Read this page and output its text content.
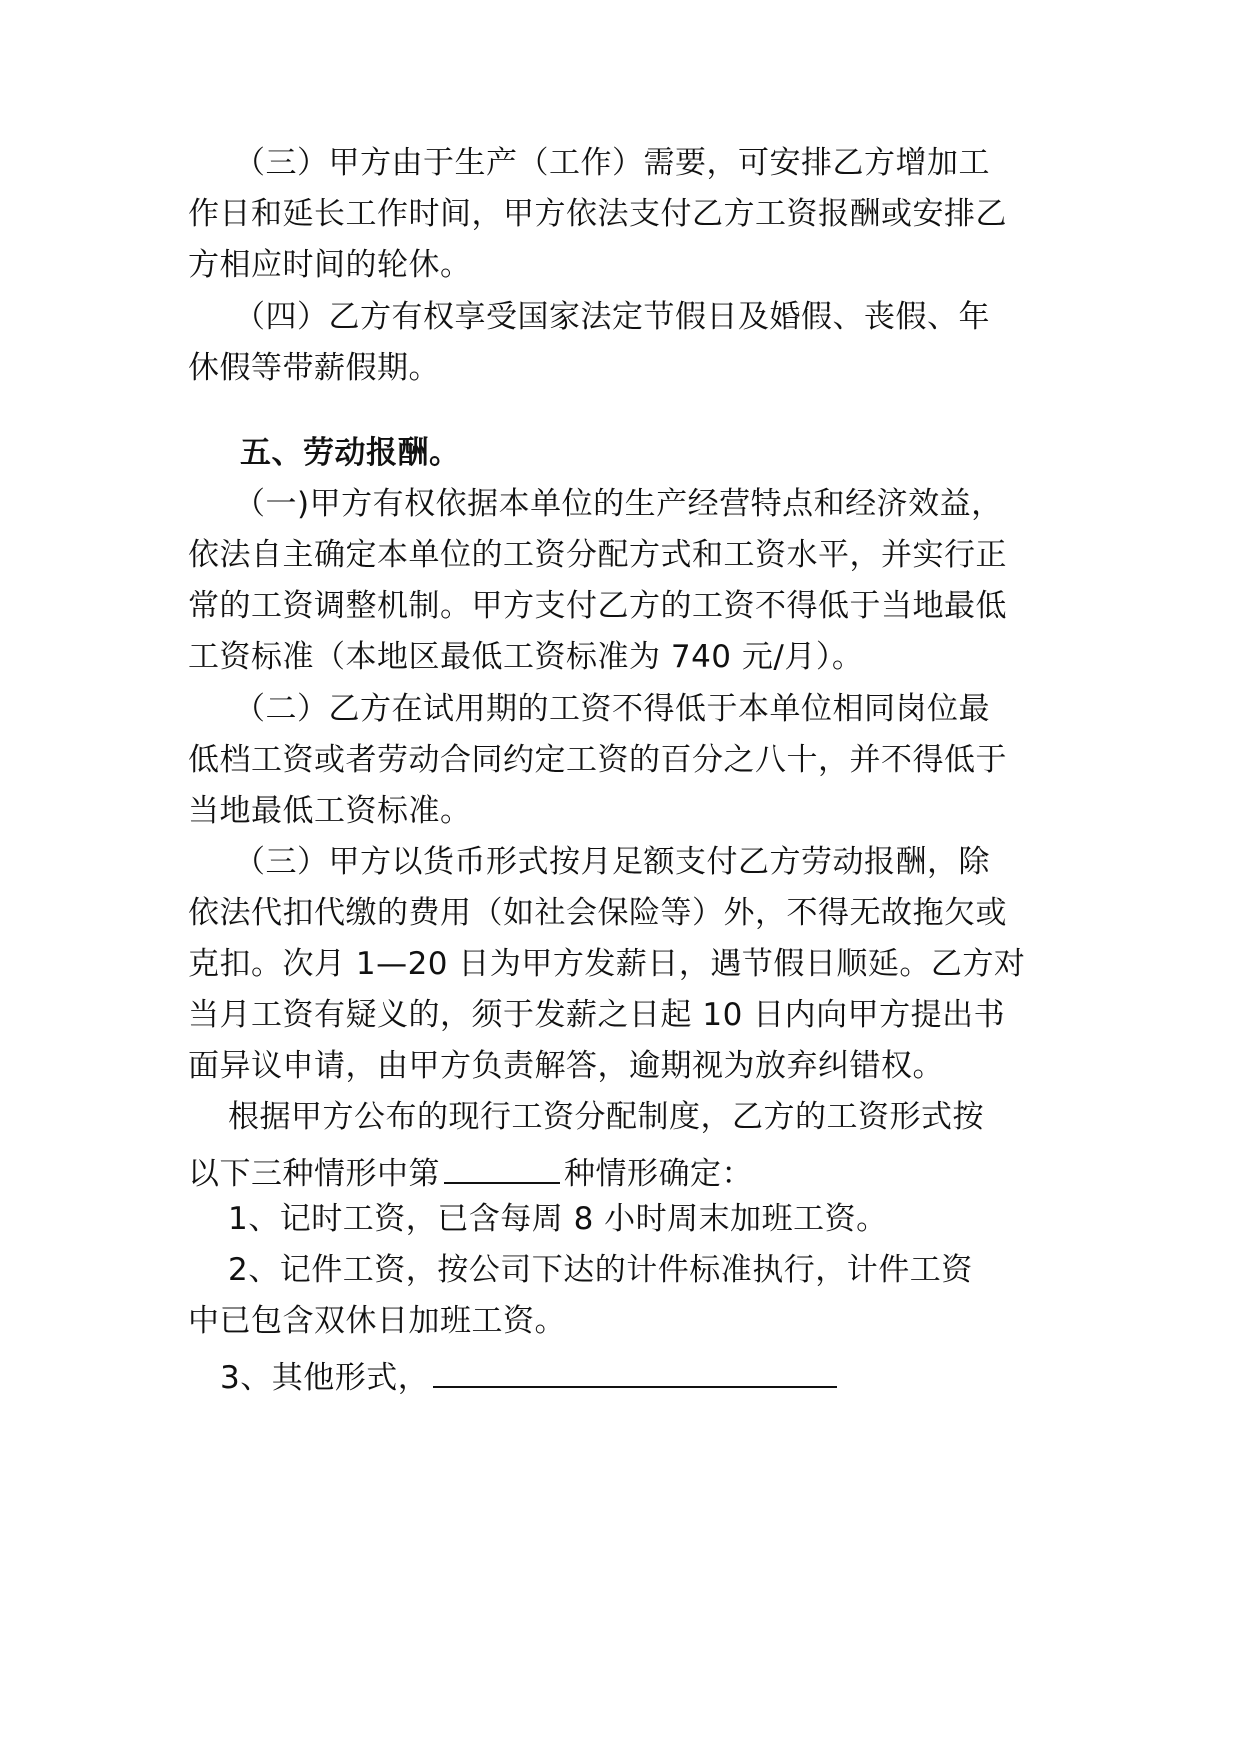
（三）甲方由于生产（工作）需要，可安排乙方增加工
作日和延长工作时间，甲方依法支付乙方工资报酬或安排乙
方相应时间的轮休。
（四）乙方有权享受国家法定节假日及婚假、丧假、年
休假等带薪假期。
五、劳动报酬。
（一)甲方有权依据本单位的生产经营特点和经济效益，
依法自主确定本单位的工资分配方式和工资水平，并实行正
常的工资调整机制。甲方支付乙方的工资不得低于当地最低
工资标准（本地区最低工资标准为 740 元/月）。
（二）乙方在试用期的工资不得低于本单位相同岗位最
低档工资或者劳动合同约定工资的百分之八十，并不得低于
当地最低工资标准。
（三）甲方以货币形式按月足额支付乙方劳动报酬，除
依法代扣代缴的费用（如社会保险等）外，不得无故拖欠或
克扣。次月 1—20 日为甲方发薪日，遇节假日顺延。乙方对
当月工资有疑义的，须于发薪之日起 10 日内向甲方提出书
面异议申请，由甲方负责解答，逾期视为放弃纠错权。
根据甲方公布的现行工资分配制度，乙方的工资形式按
以下三种情形中第	种情形确定：
1、记时工资，已含每周 8 小时周末加班工资。
2、记件工资，按公司下达的计件标准执行，计件工资
中已包含双休日加班工资。
3、其他形式，
